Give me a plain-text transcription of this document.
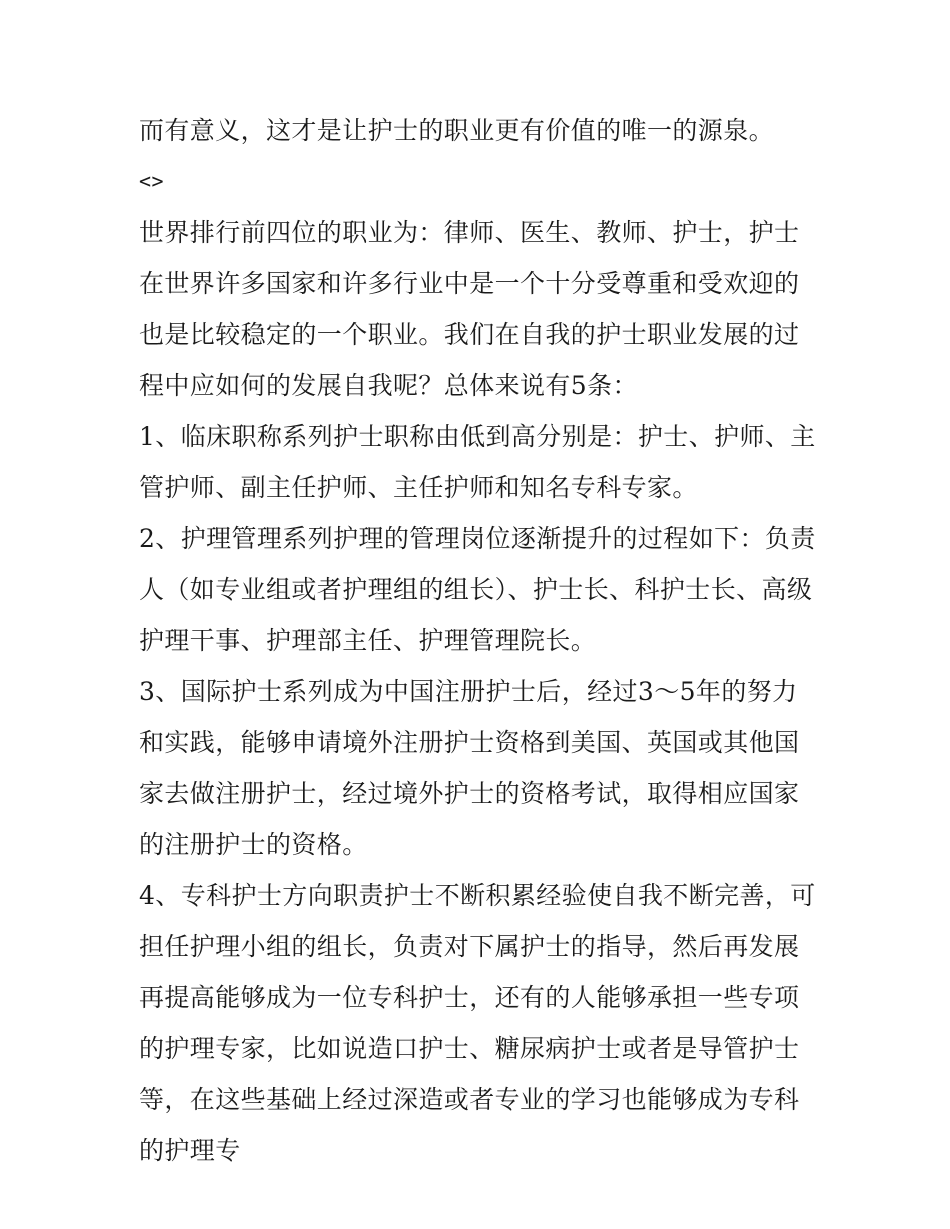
而有意义，这才是让护士的职业更有价值的唯一的源泉。

<>

世界排行前四位的职业为：律师、医生、教师、护士，护士在世界许多国家和许多行业中是一个十分受尊重和受欢迎的也是比较稳定的一个职业。我们在自我的护士职业发展的过程中应如何的发展自我呢？总体来说有5条：

1、临床职称系列护士职称由低到高分别是：护士、护师、主管护师、副主任护师、主任护师和知名专科专家。

2、护理管理系列护理的管理岗位逐渐提升的过程如下：负责人（如专业组或者护理组的组长）、护士长、科护士长、高级护理干事、护理部主任、护理管理院长。

3、国际护士系列成为中国注册护士后，经过3～5年的努力和实践，能够申请境外注册护士资格到美国、英国或其他国家去做注册护士，经过境外护士的资格考试，取得相应国家的注册护士的资格。

4、专科护士方向职责护士不断积累经验使自我不断完善，可担任护理小组的组长，负责对下属护士的指导，然后再发展再提高能够成为一位专科护士，还有的人能够承担一些专项的护理专家，比如说造口护士、糖尿病护士或者是导管护士等，在这些基础上经过深造或者专业的学习也能够成为专科的护理专
